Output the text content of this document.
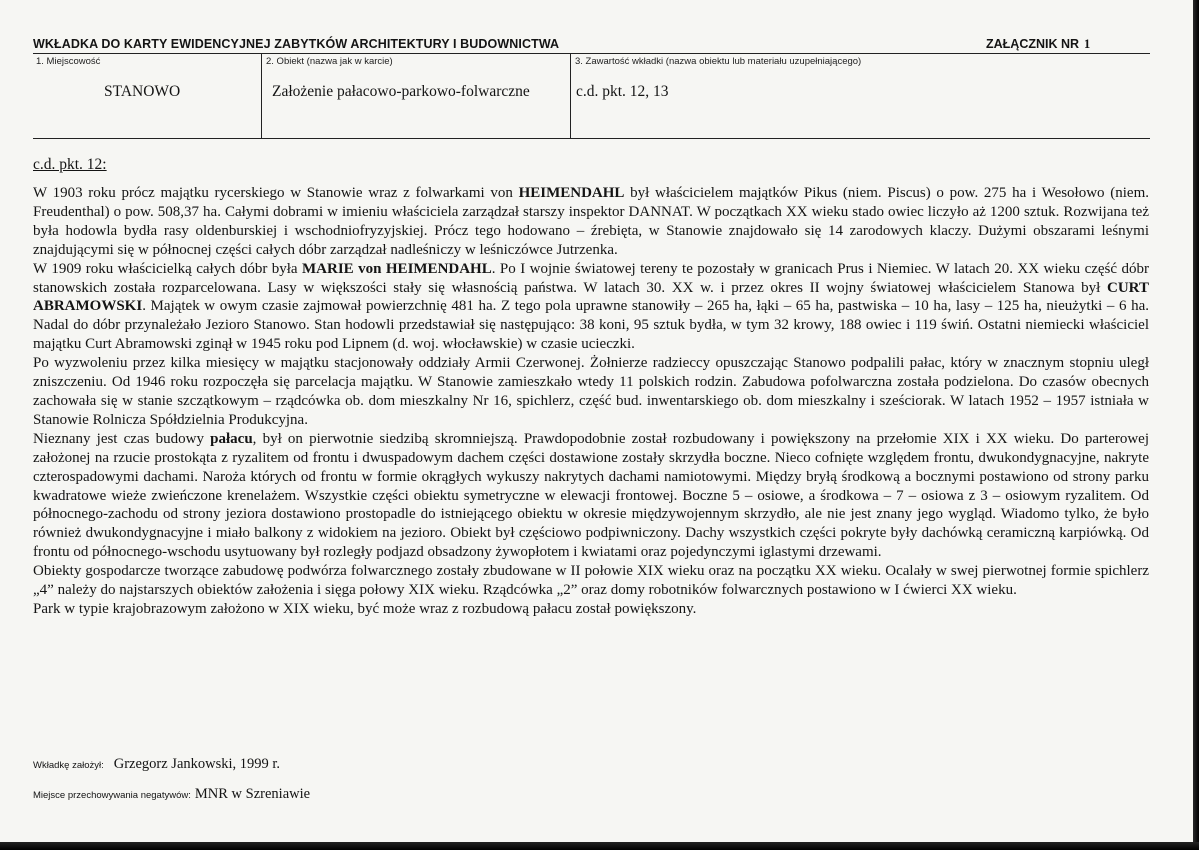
WKŁADKA DO KARTY EWIDENCYJNEJ ZABYTKÓW ARCHITEKTURY I BUDOWNICTWA	ZAŁĄCZNIK NR 1
1. Miejscowość	2. Obiekt (nazwa jak w karcie)	3. Zawartość wkładki (nazwa obiektu lub materiału uzupełniającego)
STANOWO	Założenie pałacowo-parkowo-folwarczne	c.d. pkt. 12, 13
c.d. pkt. 12:

W 1903 roku prócz majątku rycerskiego w Stanowie wraz z folwarkami von HEIMENDAHL był właścicielem majątków Pikus (niem. Piscus) o pow. 275 ha i Wesołowo (niem. Freudenthal) o pow. 508,37 ha. Całymi dobrami w imieniu właściciela zarządzał starszy inspektor DANNAT. W początkach XX wieku stado owiec liczyło aż 1200 sztuk. Rozwijana też była hodowla bydła rasy oldenburskiej i wschodniofryzyjskiej. Prócz tego hodowano – źrebięta, w Stanowie znajdowało się 14 zarodowych klaczy. Dużymi obszarami leśnymi znajdującymi się w północnej części całych dóbr zarządzał nadleśniczy w leśniczówce Jutrzenka.

W 1909 roku właścicielką całych dóbr była MARIE von HEIMENDAHL. Po I wojnie światowej tereny te pozostały w granicach Prus i Niemiec. W latach 20. XX wieku część dóbr stanowskich została rozparcelowana. Lasy w większości stały się własnością państwa. W latach 30. XX w. i przez okres II wojny światowej właścicielem Stanowa był CURT ABRAMOWSKI. Majątek w owym czasie zajmował powierzchnię 481 ha. Z tego pola uprawne stanowiły – 265 ha, łąki – 65 ha, pastwiska – 10 ha, lasy – 125 ha, nieużytki – 6 ha. Nadal do dóbr przynależało Jezioro Stanowo. Stan hodowli przedstawiał się następująco: 38 koni, 95 sztuk bydła, w tym 32 krowy, 188 owiec i 119 świń. Ostatni niemiecki właściciel majątku Curt Abramowski zginął w 1945 roku pod Lipnem (d. woj. włocławskie) w czasie ucieczki.

Po wyzwoleniu przez kilka miesięcy w majątku stacjonowały oddziały Armii Czerwonej. Żołnierze radzieccy opuszczając Stanowo podpalili pałac, który w znacznym stopniu uległ zniszczeniu. Od 1946 roku rozpoczęła się parcelacja majątku. W Stanowie zamieszkało wtedy 11 polskich rodzin. Zabudowa pofolwarczna została podzielona. Do czasów obecnych zachowała się w stanie szczątkowym – rządcówka ob. dom mieszkalny Nr 16, spichlerz, część bud. inwentarskiego ob. dom mieszkalny i sześciorak. W latach 1952 – 1957 istniała w Stanowie Rolnicza Spółdzielnia Produkcyjna.

Nieznany jest czas budowy pałacu, był on pierwotnie siedzibą skromniejszą. Prawdopodobnie został rozbudowany i powiększony na przełomie XIX i XX wieku. Do parterowej założonej na rzucie prostokąta z ryzalitem od frontu i dwuspadowym dachem części dostawione zostały skrzydła boczne. Nieco cofnięte względem frontu, dwukondygnacyjne, nakryte czterospadowymi dachami. Naroża których od frontu w formie okrągłych wykuszy nakrytych dachami namiotowymi. Między bryłą środkową a bocznymi postawiono od strony parku kwadratowe wieże zwieńczone krenelażem. Wszystkie części obiektu symetryczne w elewacji frontowej. Boczne 5 – osiowe, a środkowa – 7 – osiowa z 3 – osiowym ryzalitem. Od północnego-zachodu od strony jeziora dostawiono prostopadle do istniejącego obiektu w okresie międzywojennym skrzydło, ale nie jest znany jego wygląd. Wiadomo tylko, że było również dwukondygnacyjne i miało balkony z widokiem na jezioro. Obiekt był częściowo podpiwniczony. Dachy wszystkich części pokryte były dachówką ceramiczną karpiówką. Od frontu od północnego-wschodu usytuowany był rozległy podjazd obsadzony żywopłotem i kwiatami oraz pojedynczymi iglastymi drzewami.

Obiekty gospodarcze tworzące zabudowę podwórza folwarcznego zostały zbudowane w II połowie XIX wieku oraz na początku XX wieku. Ocalały w swej pierwotnej formie spichlerz „4” należy do najstarszych obiektów założenia i sięga połowy XIX wieku. Rządcówka „2” oraz domy robotników folwarcznych postawiono w I ćwierci XX wieku.

Park w typie krajobrazowym założono w XIX wieku, być może wraz z rozbudową pałacu został powiększony.

Wkładkę założył: Grzegorz Jankowski, 1999 r.
Miejsce przechowywania negatywów: MNR w Szreniawie
